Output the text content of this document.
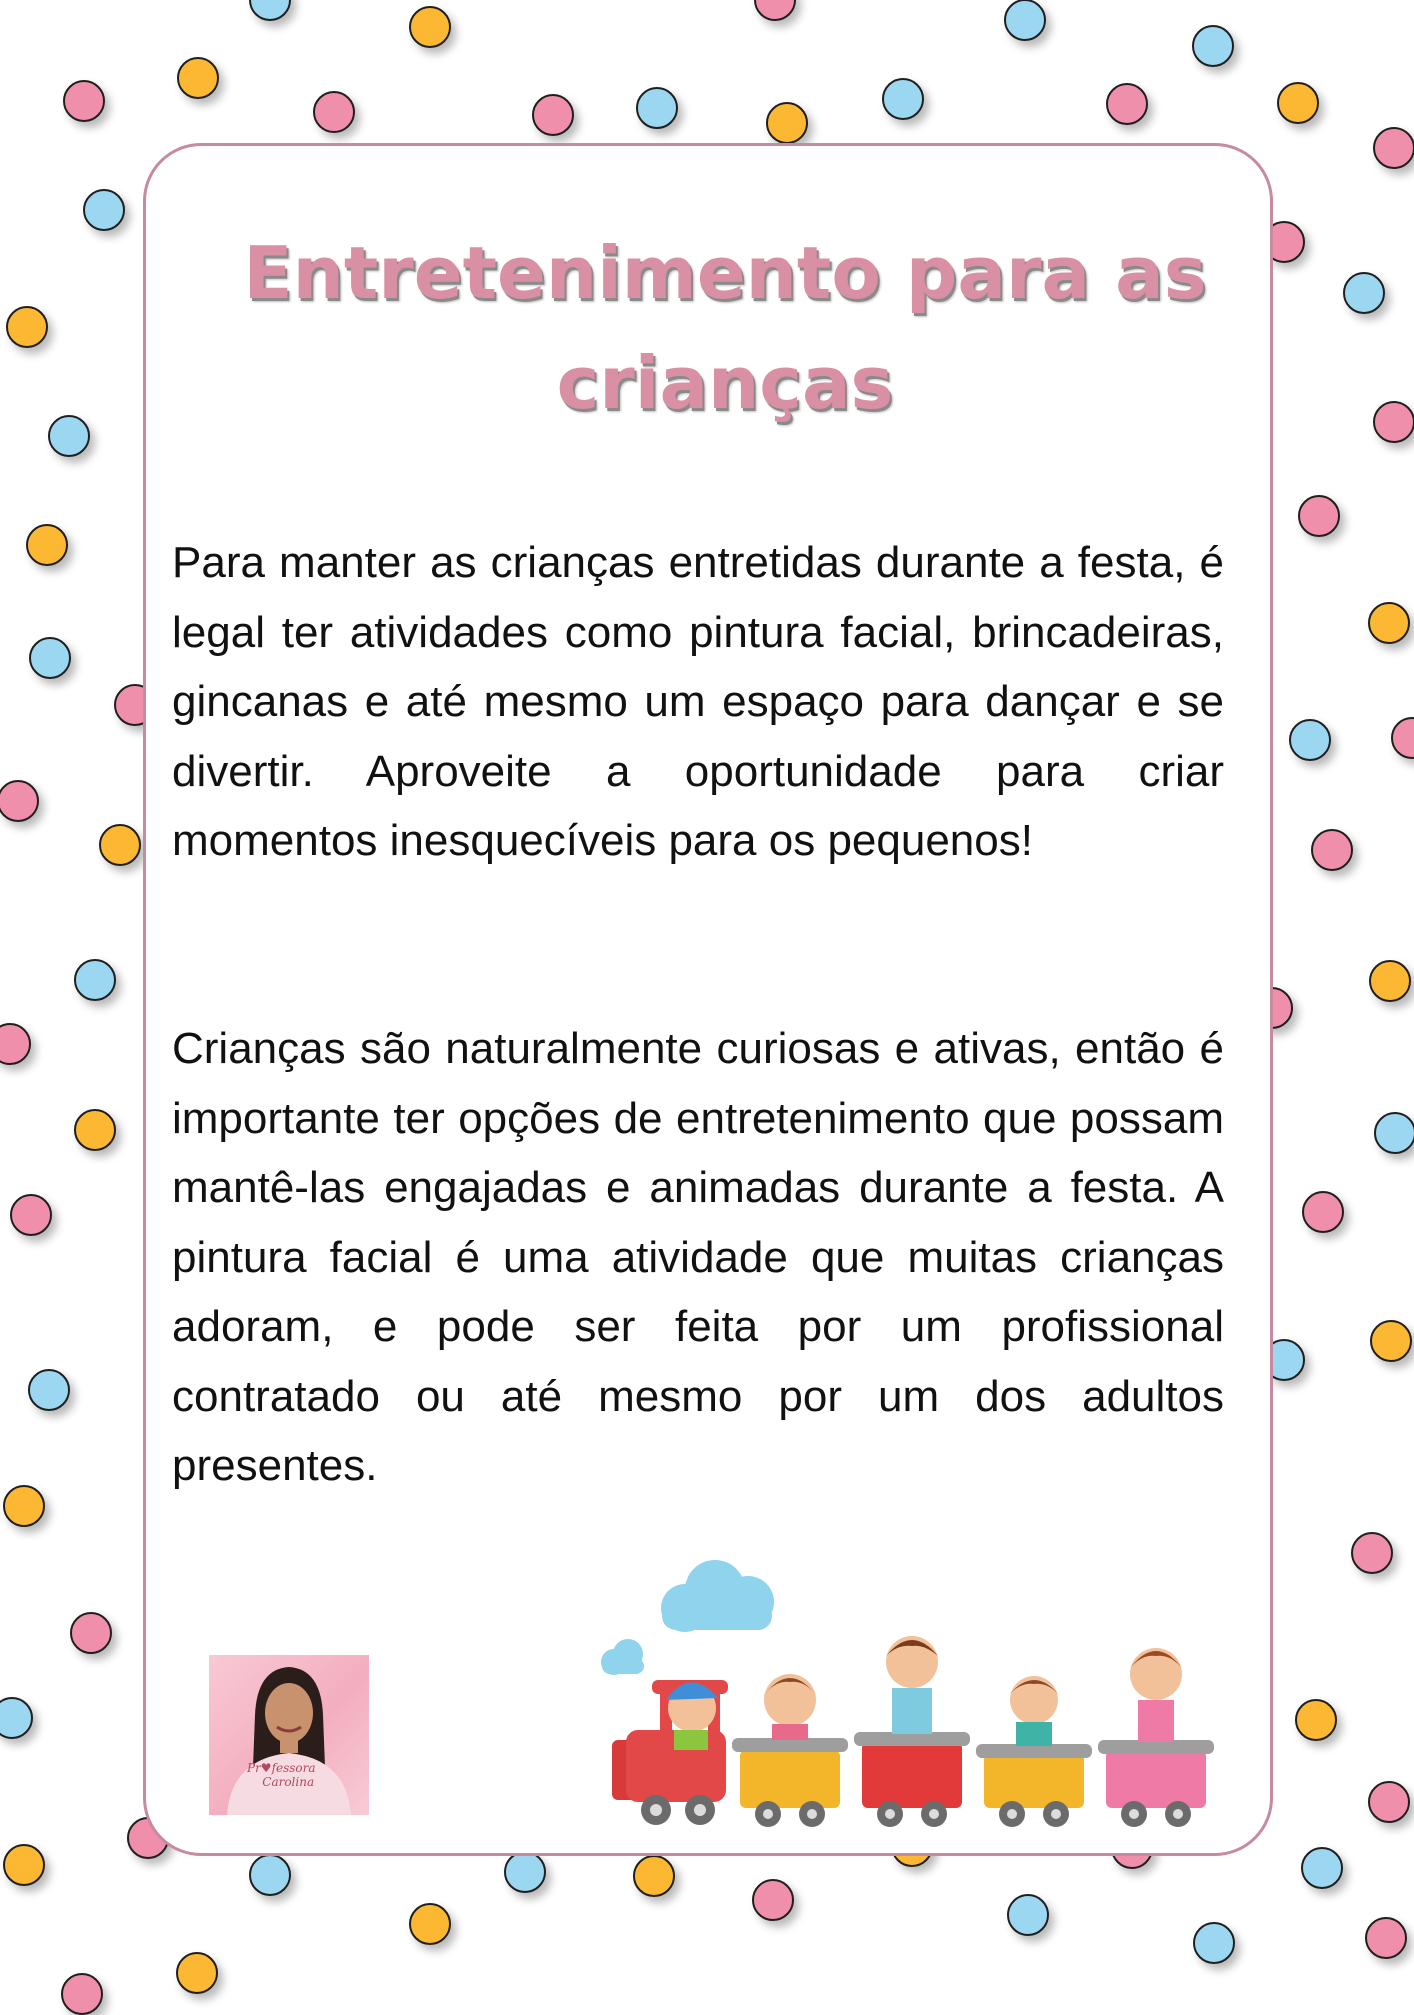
Entretenimento para as crianças

Para manter as crianças entretidas durante a festa, é legal ter atividades como pintura facial, brincadeiras, gincanas e até mesmo um espaço para dançar e se divertir. Aproveite a oportunidade para criar momentos inesquecíveis para os pequenos!

Crianças são naturalmente curiosas e ativas, então é importante ter opções de entretenimento que possam mantê-las engajadas e animadas durante a festa. A pintura facial é uma atividade que muitas crianças adoram, e pode ser feita por um profissional contratado ou até mesmo por um dos adultos presentes.

Pr♥fessora
Carolina
